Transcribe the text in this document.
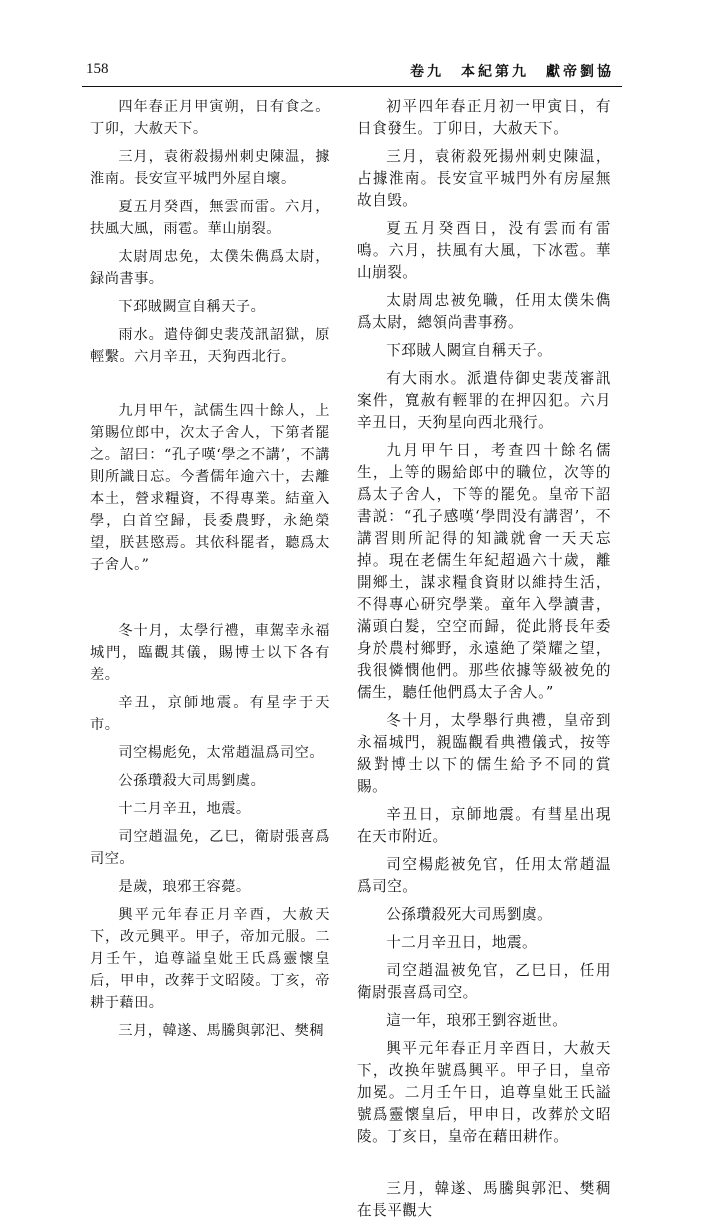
158	卷九　本紀第九　獻帝劉協

四年春正月甲寅朔，日有食之。丁卯，大赦天下。

三月，袁術殺揚州刺史陳温，據淮南。長安宣平城門外屋自壞。

夏五月癸酉，無雲而雷。六月，扶風大風，雨雹。華山崩裂。

太尉周忠免，太僕朱儁爲太尉，録尚書事。

下邳賊闕宣自稱天子。

雨水。遣侍御史裴茂訊詔獄，原輕繫。六月辛丑，天狗西北行。

九月甲午，試儒生四十餘人，上第賜位郎中，次太子舍人，下第者罷之。詔曰：“孔子嘆‘學之不講’，不講則所識日忘。今耆儒年逾六十，去離本土，營求糧資，不得專業。結童入學，白首空歸，長委農野，永絶榮望，朕甚愍焉。其依科罷者，聽爲太子舍人。”

冬十月，太學行禮，車駕幸永福城門，臨觀其儀，賜博士以下各有差。

辛丑，京師地震。有星孛于天市。

司空楊彪免，太常趙温爲司空。

公孫瓚殺大司馬劉虞。

十二月辛丑，地震。

司空趙温免，乙巳，衛尉張喜爲司空。

是歲，琅邪王容薨。

興平元年春正月辛酉，大赦天下，改元興平。甲子，帝加元服。二月壬午，追尊謚皇妣王氏爲靈懷皇后，甲申，改葬于文昭陵。丁亥，帝耕于藉田。

三月，韓遂、馬騰與郭汜、樊稠

初平四年春正月初一甲寅日，有日食發生。丁卯日，大赦天下。

三月，袁術殺死揚州刺史陳温，占據淮南。長安宣平城門外有房屋無故自毁。

夏五月癸酉日，没有雲而有雷鳴。六月，扶風有大風，下冰雹。華山崩裂。

太尉周忠被免職，任用太僕朱儁爲太尉，總領尚書事務。

下邳賊人闕宣自稱天子。

有大雨水。派遣侍御史裴茂審訊案件，寬赦有輕罪的在押囚犯。六月辛丑日，天狗星向西北飛行。

九月甲午日，考查四十餘名儒生，上等的賜給郎中的職位，次等的爲太子舍人，下等的罷免。皇帝下詔書説：“孔子感嘆‘學問没有講習’，不講習則所記得的知識就會一天天忘掉。現在老儒生年紀超過六十歲，離開鄉土，謀求糧食資財以維持生活，不得專心研究學業。童年入學讀書，滿頭白髮，空空而歸，從此將長年委身於農村鄉野，永遠絶了榮耀之望，我很憐憫他們。那些依據等級被免的儒生，聽任他們爲太子舍人。”

冬十月，太學舉行典禮，皇帝到永福城門，親臨觀看典禮儀式，按等級對博士以下的儒生給予不同的賞賜。

辛丑日，京師地震。有彗星出現在天市附近。

司空楊彪被免官，任用太常趙温爲司空。

公孫瓚殺死大司馬劉虞。

十二月辛丑日，地震。

司空趙温被免官，乙巳日，任用衛尉張喜爲司空。

這一年，琅邪王劉容逝世。

興平元年春正月辛酉日，大赦天下，改换年號爲興平。甲子日，皇帝加冕。二月壬午日，追尊皇妣王氏謚號爲靈懷皇后，甲申日，改葬於文昭陵。丁亥日，皇帝在藉田耕作。

三月，韓遂、馬騰與郭汜、樊稠在長平觀大
